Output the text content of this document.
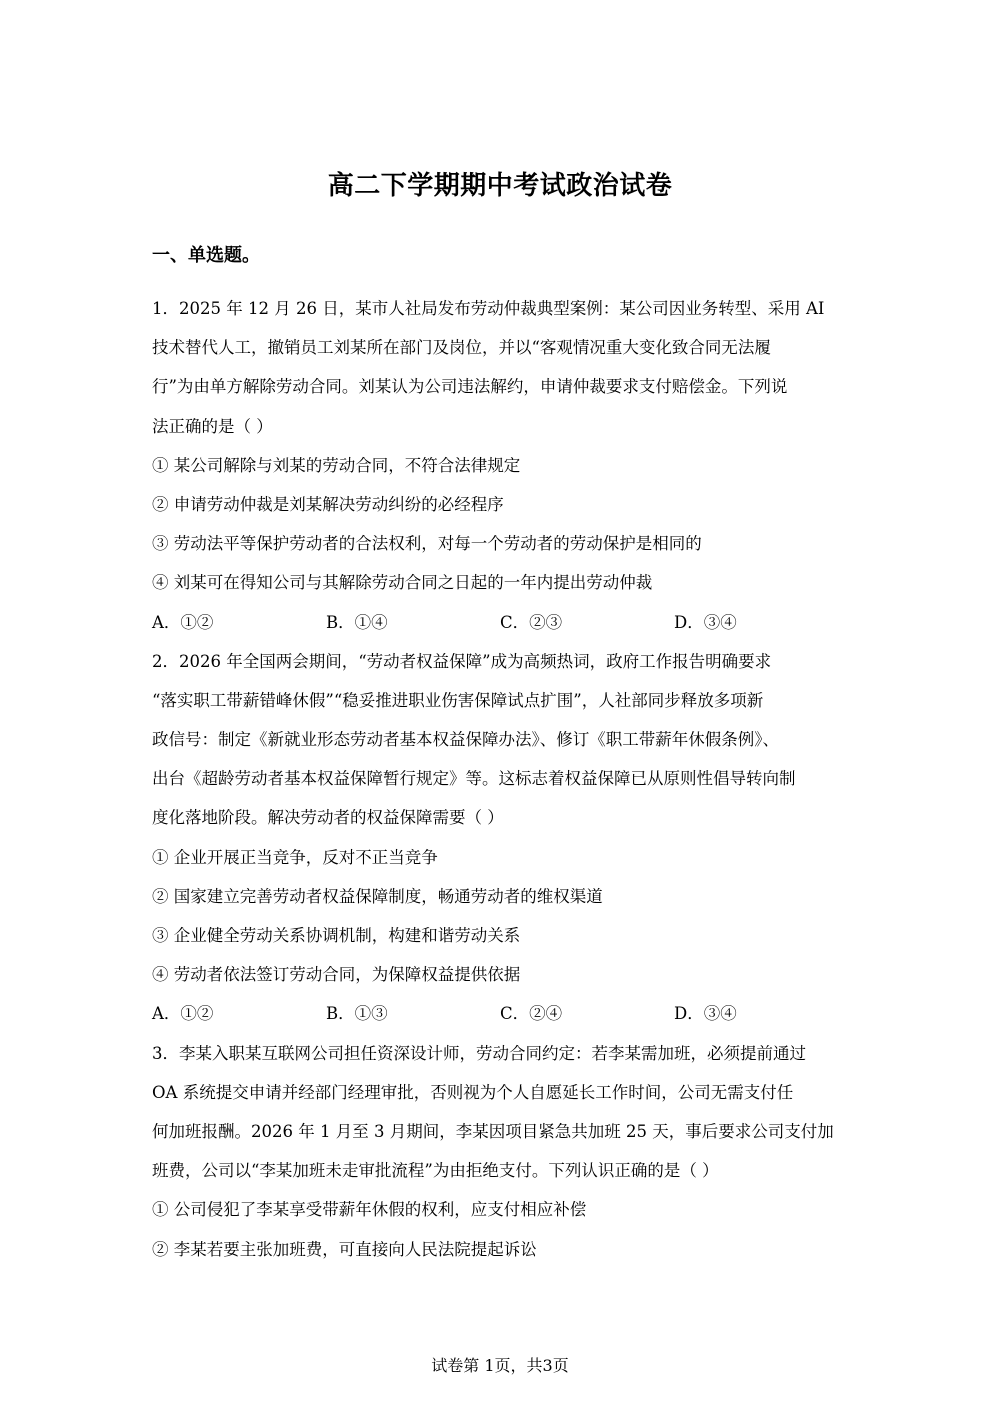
高二下学期期中考试政治试卷
一、单选题。
1．2025 年 12 月 26 日，某市人社局发布劳动仲裁典型案例：某公司因业务转型、采用 AI
技术替代人工，撤销员工刘某所在部门及岗位，并以“客观情况重大变化致合同无法履
行”为由单方解除劳动合同。刘某认为公司违法解约，申请仲裁要求支付赔偿金。下列说
法正确的是（ ）
① 某公司解除与刘某的劳动合同，不符合法律规定
② 申请劳动仲裁是刘某解决劳动纠纷的必经程序
③ 劳动法平等保护劳动者的合法权利，对每一个劳动者的劳动保护是相同的
④ 刘某可在得知公司与其解除劳动合同之日起的一年内提出劳动仲裁
A．①②	B．①④	C．②③	D．③④
2．2026 年全国两会期间，“劳动者权益保障”成为高频热词，政府工作报告明确要求
“落实职工带薪错峰休假”“稳妥推进职业伤害保障试点扩围”，人社部同步释放多项新
政信号：制定《新就业形态劳动者基本权益保障办法》、修订《职工带薪年休假条例》、
出台《超龄劳动者基本权益保障暂行规定》等。这标志着权益保障已从原则性倡导转向制
度化落地阶段。解决劳动者的权益保障需要（ ）
① 企业开展正当竞争，反对不正当竞争
② 国家建立完善劳动者权益保障制度，畅通劳动者的维权渠道
③ 企业健全劳动关系协调机制，构建和谐劳动关系
④ 劳动者依法签订劳动合同，为保障权益提供依据
A．①②	B．①③	C．②④	D．③④
3．李某入职某互联网公司担任资深设计师，劳动合同约定：若李某需加班，必须提前通过
OA 系统提交申请并经部门经理审批，否则视为个人自愿延长工作时间，公司无需支付任
何加班报酬。2026 年 1 月至 3 月期间，李某因项目紧急共加班 25 天，事后要求公司支付加
班费，公司以“李某加班未走审批流程”为由拒绝支付。下列认识正确的是（ ）
① 公司侵犯了李某享受带薪年休假的权利，应支付相应补偿
② 李某若要主张加班费，可直接向人民法院提起诉讼
试卷第 1页，共3页
